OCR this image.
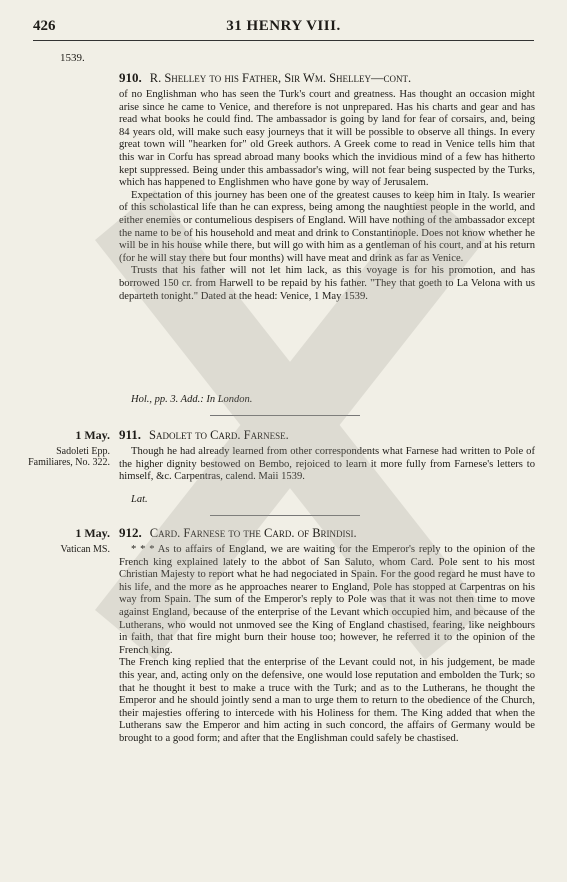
426	31 HENRY VIII.
1539.
910. R. Shelley to his Father, Sir Wm. Shelley—cont.

of no Englishman who has seen the Turk's court and greatness. Has thought an occasion might arise since he came to Venice, and therefore is not unprepared. Has his charts and gear and has read what books he could find. The ambassador is going by land for fear of corsairs, and, being 84 years old, will make such easy journeys that it will be possible to observe all things. In every great town will "hearken for" old Greek authors. A Greek come to read in Venice tells him that this war in Corfu has spread abroad many books which the invidious mind of a few has hitherto kept suppressed. Being under this ambassador's wing, will not fear being suspected by the Turks, which has happened to Englishmen who have gone by way of Jerusalem.

Expectation of this journey has been one of the greatest causes to keep him in Italy. Is wearier of this scholastical life than he can express, being among the naughtiest people in the world, and either enemies or contumelious despisers of England. Will have nothing of the ambassador except the name to be of his household and meat and drink to Constantinople. Does not know whether he will be in his house while there, but will go with him as a gentleman of his court, and at his return (for he will stay there but four months) will have meat and drink as far as Venice.

Trusts that his father will not let him lack, as this voyage is for his promotion, and has borrowed 150 cr. from Harwell to be repaid by his father. "They that goeth to La Velona with us departeth tonight." Dated at the head: Venice, 1 May 1539.

Hol., pp. 3. Add.: In London.
1 May.
Sadoleti Epp. Familiares, No. 322.
911. Sadolet to Card. Farnese.

Though he had already learned from other correspondents what Farnese had written to Pole of the higher dignity bestowed on Bembo, rejoiced to learn it more fully from Farnese's letters to himself, &c. Carpentras, calend. Maii 1539.

Lat.
1 May.
Vatican MS.
912. Card. Farnese to the Card. of Brindisi.

* * * As to affairs of England, we are waiting for the Emperor's reply to the opinion of the French king explained lately to the abbot of San Saluto, whom Card. Pole sent to his most Christian Majesty to report what he had negociated in Spain. For the good regard he must have to his life, and the more as he approaches nearer to England, Pole has stopped at Carpentras on his way from Spain. The sum of the Emperor's reply to Pole was that it was not then time to move against England, because of the enterprise of the Levant which occupied him, and because of the Lutherans, who would not unmoved see the King of England chastised, fearing, like neighbours in faith, that that fire might burn their house too; however, he referred it to the opinion of the French king.

The French king replied that the enterprise of the Levant could not, in his judgement, be made this year, and, acting only on the defensive, one would lose reputation and embolden the Turk; so that he thought it best to make a truce with the Turk; and as to the Lutherans, he thought the Emperor and he should jointly send a man to urge them to return to the obedience of the Church, their majesties offering to intercede with his Holiness for them. The King added that when the Lutherans saw the Emperor and him acting in such concord, the affairs of Germany would be brought to a good form; and after that the Englishman could safely be chastised.
